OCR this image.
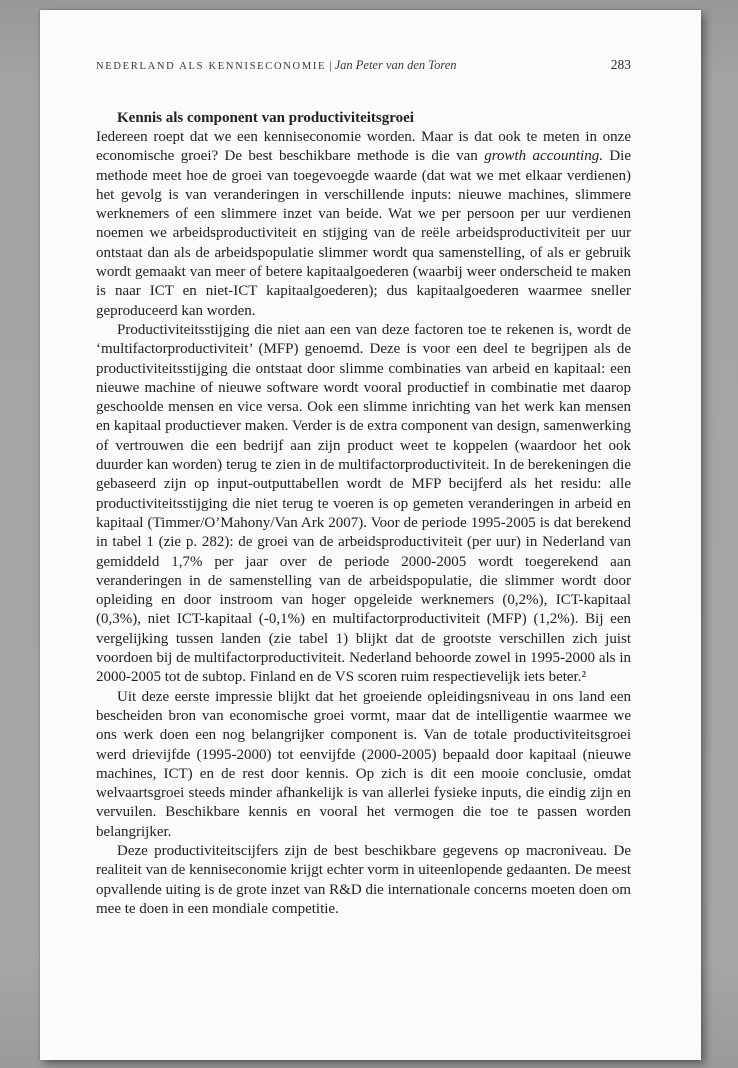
NEDERLAND ALS KENNISECONOMIE | Jan Peter van den Toren	283
Kennis als component van productiviteitsgroei

Iedereen roept dat we een kenniseconomie worden. Maar is dat ook te meten in onze economische groei? De best beschikbare methode is die van growth accounting. Die methode meet hoe de groei van toegevoegde waarde (dat wat we met elkaar verdienen) het gevolg is van veranderingen in verschillende inputs: nieuwe machines, slimmere werknemers of een slimmere inzet van beide. Wat we per persoon per uur verdienen noemen we arbeidsproductiviteit en stijging van de reële arbeidsproductiviteit per uur ontstaat dan als de arbeidspopulatie slimmer wordt qua samenstelling, of als er gebruik wordt gemaakt van meer of betere kapitaalgoederen (waarbij weer onderscheid te maken is naar ICT en niet-ICT kapitaalgoederen); dus kapitaalgoederen waarmee sneller geproduceerd kan worden.

Productiviteitsstijging die niet aan een van deze factoren toe te rekenen is, wordt de ‘multifactorproductiviteit’ (MFP) genoemd. Deze is voor een deel te begrijpen als de productiviteitsstijging die ontstaat door slimme combinaties van arbeid en kapitaal: een nieuwe machine of nieuwe software wordt vooral productief in combinatie met daarop geschoolde mensen en vice versa. Ook een slimme inrichting van het werk kan mensen en kapitaal productiever maken. Verder is de extra component van design, samenwerking of vertrouwen die een bedrijf aan zijn product weet te koppelen (waardoor het ook duurder kan worden) terug te zien in de multifactorproductiviteit. In de berekeningen die gebaseerd zijn op input-outputtabellen wordt de MFP becijferd als het residu: alle productiviteitsstijging die niet terug te voeren is op gemeten veranderingen in arbeid en kapitaal (Timmer/O’Mahony/Van Ark 2007). Voor de periode 1995-2005 is dat berekend in tabel 1 (zie p. 282): de groei van de arbeidsproductiviteit (per uur) in Nederland van gemiddeld 1,7% per jaar over de periode 2000-2005 wordt toegerekend aan veranderingen in de samenstelling van de arbeidspopulatie, die slimmer wordt door opleiding en door instroom van hoger opgeleide werknemers (0,2%), ICT-kapitaal (0,3%), niet ICT-kapitaal (-0,1%) en multifactorproductiviteit (MFP) (1,2%). Bij een vergelijking tussen landen (zie tabel 1) blijkt dat de grootste verschillen zich juist voordoen bij de multifactorproductiviteit. Nederland behoorde zowel in 1995-2000 als in 2000-2005 tot de subtop. Finland en de VS scoren ruim respectievelijk iets beter.²

Uit deze eerste impressie blijkt dat het groeiende opleidingsniveau in ons land een bescheiden bron van economische groei vormt, maar dat de intelligentie waarmee we ons werk doen een nog belangrijker component is. Van de totale productiviteitsgroei werd drievijfde (1995-2000) tot eenvijfde (2000-2005) bepaald door kapitaal (nieuwe machines, ICT) en de rest door kennis. Op zich is dit een mooie conclusie, omdat welvaartsgroei steeds minder afhankelijk is van allerlei fysieke inputs, die eindig zijn en vervuilen. Beschikbare kennis en vooral het vermogen die toe te passen worden belangrijker.

Deze productiviteitscijfers zijn de best beschikbare gegevens op macroniveau. De realiteit van de kenniseconomie krijgt echter vorm in uiteenlopende gedaanten. De meest opvallende uiting is de grote inzet van R&D die internationale concerns moeten doen om mee te doen in een mondiale competitie.
